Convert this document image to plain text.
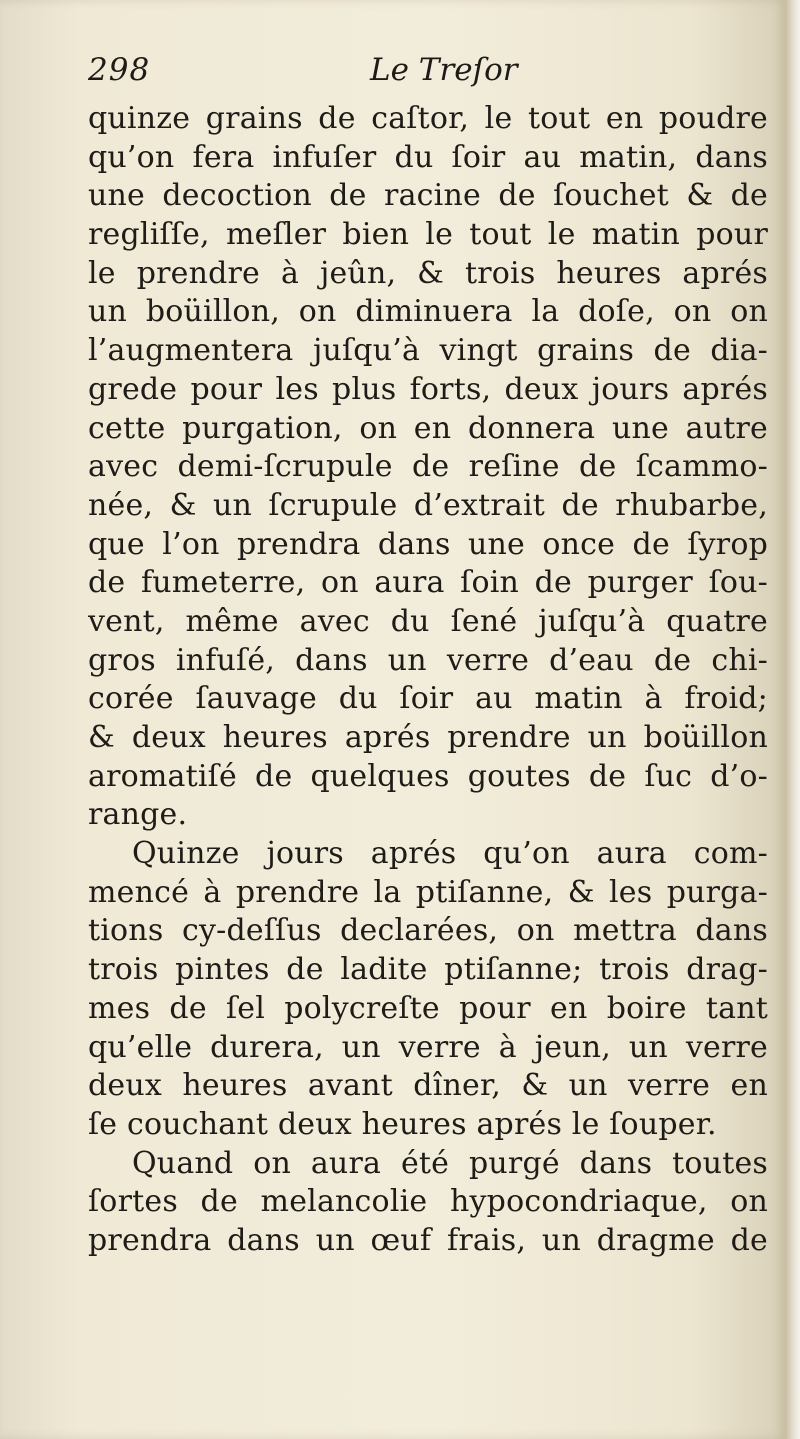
298	Le Treſor
quinze grains de caſtor, le tout en poudre
qu’on fera infuſer du ſoir au matin, dans
une decoction de racine de ſouchet & de
regliſſe, meſler bien le tout le matin pour
le prendre à jeûn, & trois heures aprés
un boüillon, on diminuera la doſe, on on
l’augmentera juſqu’à vingt grains de dia-
grede pour les plus forts, deux jours aprés
cette purgation, on en donnera une autre
avec demi-ſcrupule de reſine de ſcammo-
née, & un ſcrupule d’extrait de rhubarbe,
que l’on prendra dans une once de ſyrop
de fumeterre, on aura ſoin de purger ſou-
vent, même avec du ſené juſqu’à quatre
gros infuſé, dans un verre d’eau de chi-
corée ſauvage du ſoir au matin à froid;
& deux heures aprés prendre un boüillon
aromatiſé de quelques goutes de ſuc d’o-
range.
Quinze jours aprés qu’on aura com-
mencé à prendre la ptiſanne, & les purga-
tions cy-deſſus declarées, on mettra dans
trois pintes de ladite ptiſanne; trois drag-
mes de ſel polycreſte pour en boire tant
qu’elle durera, un verre à jeun, un verre
deux heures avant dîner, & un verre en
ſe couchant deux heures aprés le ſouper.
Quand on aura été purgé dans toutes
ſortes de melancolie hypocondriaque, on
prendra dans un œuf frais, un dragme de
